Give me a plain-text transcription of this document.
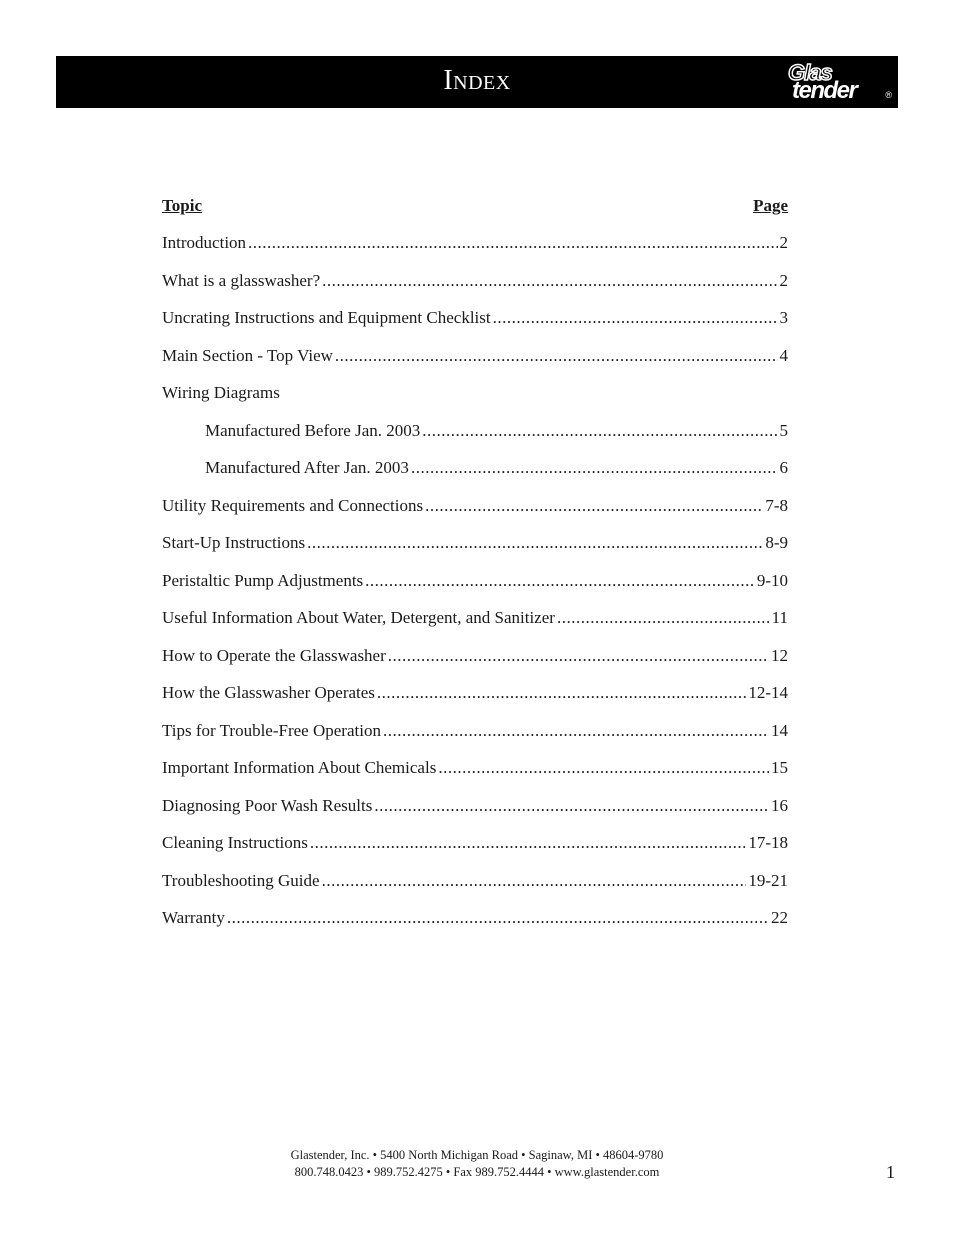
Index	Glas
tender	®
Topic	Page
Introduction .....	2
What is a glasswasher? .....	2
Uncrating Instructions and Equipment Checklist .....	3
Main Section - Top View .....	4
Wiring Diagrams
Manufactured Before Jan. 2003 .....	5
Manufactured After Jan. 2003 .....	6
Utility Requirements and Connections .....	7-8
Start-Up Instructions .....	8-9
Peristaltic Pump Adjustments .....	9-10
Useful Information About Water, Detergent, and Sanitizer .....	11
How to Operate the Glasswasher .....	12
How the Glasswasher Operates .....	12-14
Tips for Trouble-Free Operation .....	14
Important Information About Chemicals .....	15
Diagnosing Poor Wash Results .....	16
Cleaning Instructions .....	17-18
Troubleshooting Guide .....	19-21
Warranty .....	22
Glastender, Inc. • 5400 North Michigan Road • Saginaw, MI • 48604-9780
800.748.0423 • 989.752.4275 • Fax 989.752.4444 • www.glastender.com	1
